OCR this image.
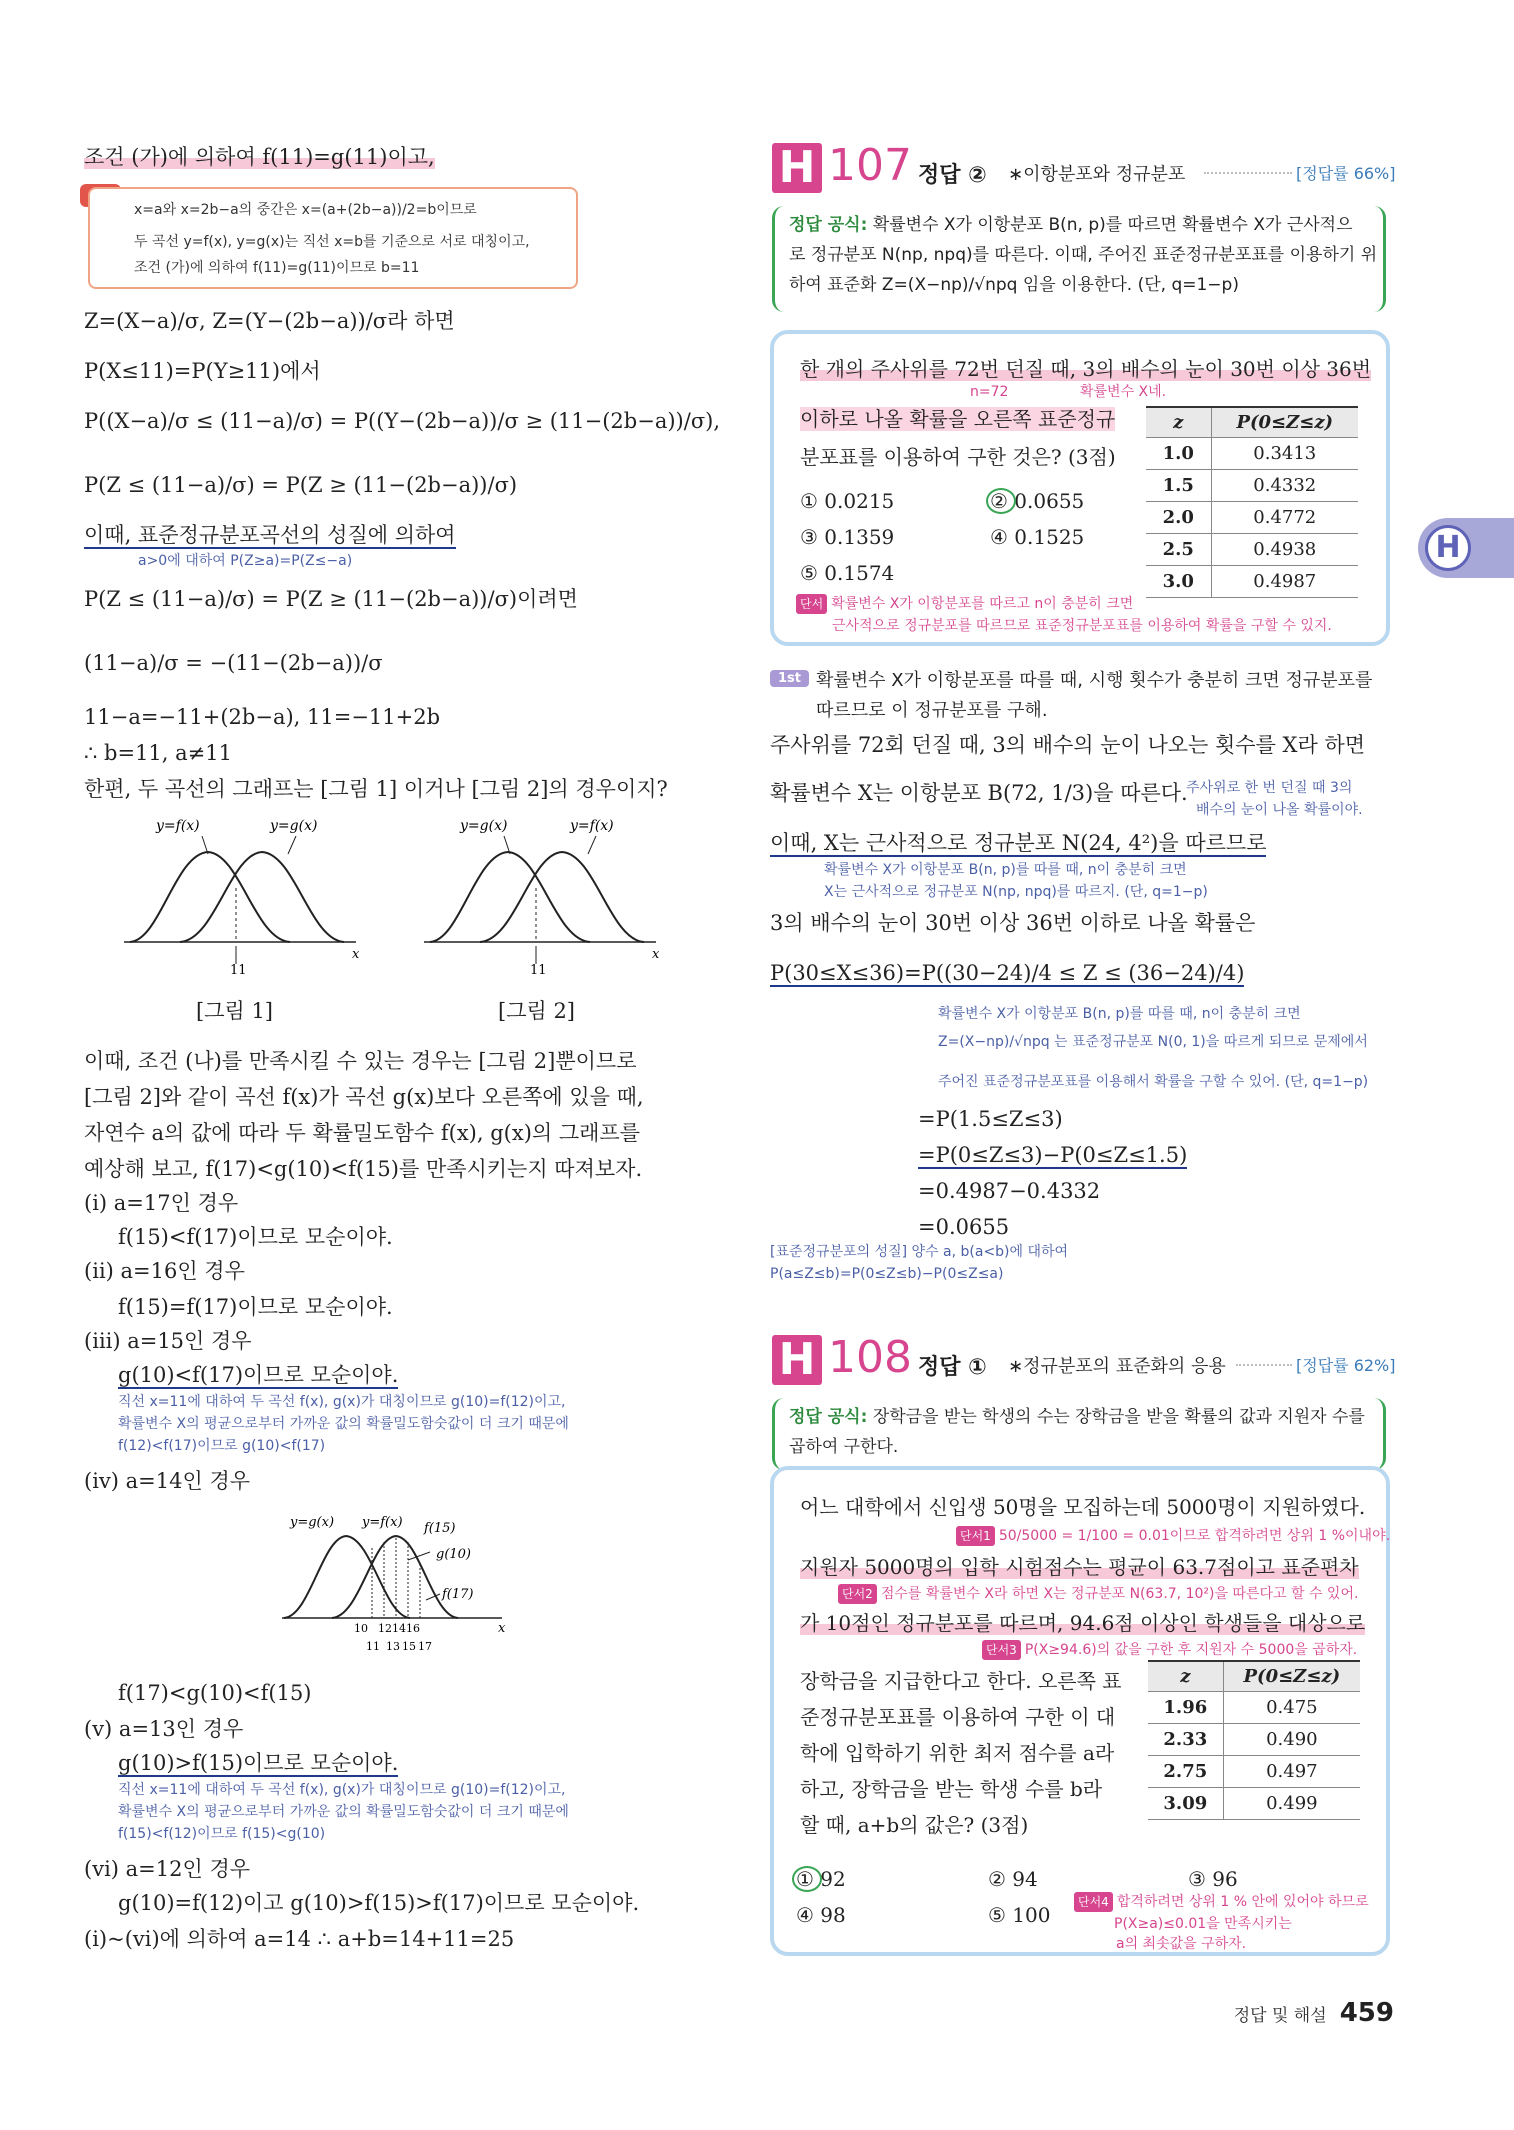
조건 (가)에 의하여 f(11)=g(11)이고,
x=a와 x=2b−a의 중간은 x=(a+(2b−a))/2=b이므로
두 곡선 y=f(x), y=g(x)는 직선 x=b를 기준으로 서로 대칭이고,
조건 (가)에 의하여 f(11)=g(11)이므로 b=11
Z=(X−a)/σ, Z=(Y−(2b−a))/σ라 하면
P(X≤11)=P(Y≥11)에서
P((X−a)/σ ≤ (11−a)/σ) = P((Y−(2b−a))/σ ≥ (11−(2b−a))/σ),
P(Z ≤ (11−a)/σ) = P(Z ≥ (11−(2b−a))/σ)
이때, 표준정규분포곡선의 성질에 의하여
a>0에 대하여 P(Z≥a)=P(Z≤−a)
P(Z ≤ (11−a)/σ) = P(Z ≥ (11−(2b−a))/σ)이려면
(11−a)/σ = −(11−(2b−a))/σ
11−a=−11+(2b−a), 11=−11+2b
∴ b=11, a≠11
한편, 두 곡선의 그래프는 [그림 1] 이거나 [그림 2]의 경우이지?
y=f(x)	y=g(x)
11
x
[그림 1]
y=g(x)	y=f(x)
11
x
[그림 2]
이때, 조건 (나)를 만족시킬 수 있는 경우는 [그림 2]뿐이므로
[그림 2]와 같이 곡선 f(x)가 곡선 g(x)보다 오른쪽에 있을 때,
자연수 a의 값에 따라 두 확률밀도함수 f(x), g(x)의 그래프를
예상해 보고, f(17)<g(10)<f(15)를 만족시키는지 따져보자.
(ⅰ) a=17인 경우
f(15)<f(17)이므로 모순이야.
(ⅱ) a=16인 경우
f(15)=f(17)이므로 모순이야.
(ⅲ) a=15인 경우
g(10)<f(17)이므로 모순이야.
직선 x=11에 대하여 두 곡선 f(x), g(x)가 대칭이므로 g(10)=f(12)이고,
확률변수 X의 평균으로부터 가까운 값의 확률밀도함숫값이 더 크기 때문에
f(12)<f(17)이므로 g(10)<f(17)
(ⅳ) a=14인 경우
y=g(x) y=f(x) f(15)
g(10)
f(17)
10 12 14 16
11 13 15 17
x
f(17)<g(10)<f(15)
(ⅴ) a=13인 경우
g(10)>f(15)이므로 모순이야.
직선 x=11에 대하여 두 곡선 f(x), g(x)가 대칭이므로 g(10)=f(12)이고,
확률변수 X의 평균으로부터 가까운 값의 확률밀도함숫값이 더 크기 때문에
f(15)<f(12)이므로 f(15)<g(10)
(ⅵ) a=12인 경우
g(10)=f(12)이고 g(10)>f(15)>f(17)이므로 모순이야.
(ⅰ)~(ⅵ)에 의하여 a=14 ∴ a+b=14+11=25
H 107 정답 ② ∗이항분포와 정규분포	[정답률 66%]
정답 공식: 확률변수 X가 이항분포 B(n, p)를 따르면 확률변수 X가 근사적으
로 정규분포 N(np, npq)를 따른다. 이때, 주어진 표준정규분포표를 이용하기 위
하여 표준화 Z=(X−np)/√npq 임을 이용한다. (단, q=1−p)
한 개의 주사위를 72번 던질 때, 3의 배수의 눈이 30번 이상 36번
n=72	확률변수 X네.
이하로 나올 확률을 오른쪽 표준정규
분포표를 이용하여 구한 것은? (3점)
① 0.0215	② 0.0655
③ 0.1359	④ 0.1525
⑤ 0.1574
단서 확률변수 X가 이항분포를 따르고 n이 충분히 크면
근사적으로 정규분포를 따르므로 표준정규분포표를 이용하여 확률을 구할 수 있지.
z	P(0≤Z≤z)
1.0	0.3413
1.5	0.4332
2.0	0.4772
2.5	0.4938
3.0	0.4987
1st 확률변수 X가 이항분포를 따를 때, 시행 횟수가 충분히 크면 정규분포를
따르므로 이 정규분포를 구해.
주사위를 72회 던질 때, 3의 배수의 눈이 나오는 횟수를 X라 하면
확률변수 X는 이항분포 B(72, 1/3)을 따른다.
주사위로 한 번 던질 때 3의
배수의 눈이 나올 확률이야.
이때, X는 근사적으로 정규분포 N(24, 4²)을 따르므로
확률변수 X가 이항분포 B(n, p)를 따를 때, n이 충분히 크면
X는 근사적으로 정규분포 N(np, npq)를 따르지. (단, q=1−p)
3의 배수의 눈이 30번 이상 36번 이하로 나올 확률은
P(30≤X≤36)=P((30−24)/4 ≤ Z ≤ (36−24)/4)
확률변수 X가 이항분포 B(n, p)를 따를 때, n이 충분히 크면
Z=(X−np)/√npq 는 표준정규분포 N(0, 1)을 따르게 되므로 문제에서
주어진 표준정규분포표를 이용해서 확률을 구할 수 있어. (단, q=1−p)
=P(1.5≤Z≤3)
=P(0≤Z≤3)−P(0≤Z≤1.5)
=0.4987−0.4332
=0.0655
[표준정규분포의 성질] 양수 a, b(a<b)에 대하여
P(a≤Z≤b)=P(0≤Z≤b)−P(0≤Z≤a)
H 108 정답 ① ∗정규분포의 표준화의 응용	[정답률 62%]
정답 공식: 장학금을 받는 학생의 수는 장학금을 받을 확률의 값과 지원자 수를
곱하여 구한다.
어느 대학에서 신입생 50명을 모집하는데 5000명이 지원하였다.
단서1 50/5000 = 1/100 = 0.01이므로 합격하려면 상위 1 %이내야.
지원자 5000명의 입학 시험점수는 평균이 63.7점이고 표준편차
단서2 점수를 확률변수 X라 하면 X는 정규분포 N(63.7, 10²)을 따른다고 할 수 있어.
가 10점인 정규분포를 따르며, 94.6점 이상인 학생들을 대상으로
단서3 P(X≥94.6)의 값을 구한 후 지원자 수 5000을 곱하자.
장학금을 지급한다고 한다. 오른쪽 표
준정규분포표를 이용하여 구한 이 대
학에 입학하기 위한 최저 점수를 a라
하고, 장학금을 받는 학생 수를 b라
할 때, a+b의 값은? (3점)
① 92	② 94	③ 96
④ 98	⑤ 100
단서4 합격하려면 상위 1 % 안에 있어야 하므로
P(X≥a)≤0.01을 만족시키는
a의 최솟값을 구하자.
z	P(0≤Z≤z)
1.96	0.475
2.33	0.490
2.75	0.497
3.09	0.499
H
정답 및 해설 459
